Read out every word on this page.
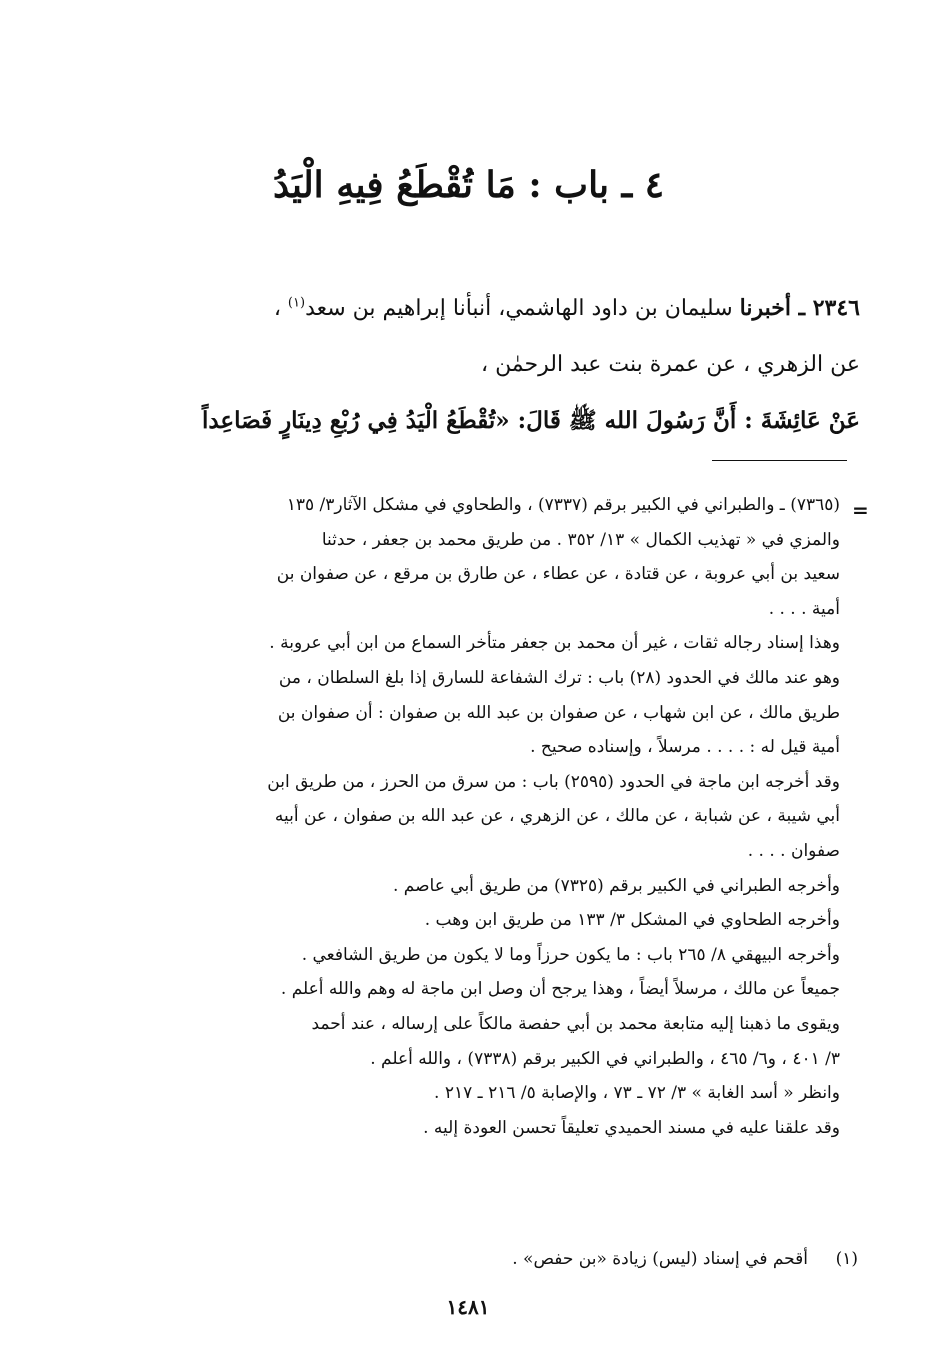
٤ ـ باب : مَا تُقْطَعُ فِيهِ الْيَدُ
٢٣٤٦ ـ أخبرنا سليمان بن داود الهاشمي، أنبأنا إبراهيم بن سعد$^{(١)}$ ،
عن الزهري ، عن عمرة بنت عبد الرحمٰن ،
عَنْ عَائِشَةَ : أَنَّ رَسُولَ الله ﷺ قَالَ: «تُقْطَعُ الْيَدُ فِي رُبْعِ دِينَارٍ فَصَاعِداً
=
(٧٣٦٥) ـ والطبراني في الكبير برقم (٧٣٣٧) ، والطحاوي في مشكل الآثار٣/ ١٣٥
والمزي في « تهذيب الكمال » ١٣/ ٣٥٢ . من طريق محمد بن جعفر ، حدثنا
سعيد بن أبي عروبة ، عن قتادة ، عن عطاء ، عن طارق بن مرقع ، عن صفوان بن
أمية . . . .
وهذا إسناد رجاله ثقات ، غير أن محمد بن جعفر متأخر السماع من ابن أبي عروبة .
وهو عند مالك في الحدود (٢٨) باب : ترك الشفاعة للسارق إذا بلغ السلطان ، من
طريق مالك ، عن ابن شهاب ، عن صفوان بن عبد الله بن صفوان : أن صفوان بن
أمية قيل له : . . . . مرسلاً ، وإسناده صحيح .
وقد أخرجه ابن ماجة في الحدود (٢٥٩٥) باب : من سرق من الحرز ، من طريق ابن
أبي شيبة ، عن شبابة ، عن مالك ، عن الزهري ، عن عبد الله بن صفوان ، عن أبيه
صفوان . . . .
وأخرجه الطبراني في الكبير برقم (٧٣٢٥) من طريق أبي عاصم .
وأخرجه الطحاوي في المشكل ٣/ ١٣٣ من طريق ابن وهب .
وأخرجه البيهقي ٨/ ٢٦٥ باب : ما يكون حرزاً وما لا يكون من طريق الشافعي .
جميعاً عن مالك ، مرسلاً أيضاً ، وهذا يرجح أن وصل ابن ماجة له وهم والله أعلم .
ويقوى ما ذهبنا إليه متابعة محمد بن أبي حفصة مالكاً على إرساله ، عند أحمد
٣/ ٤٠١ ، و٦/ ٤٦٥ ، والطبراني في الكبير برقم (٧٣٣٨) ، والله أعلم .
وانظر « أسد الغابة » ٣/ ٧٢ ـ ٧٣ ، والإصابة ٥/ ٢١٦ ـ ٢١٧ .
وقد علقنا عليه في مسند الحميدي تعليقاً تحسن العودة إليه .
(١)أقحم في إسناد (ليس) زيادة «بن حفص» .
١٤٨١
